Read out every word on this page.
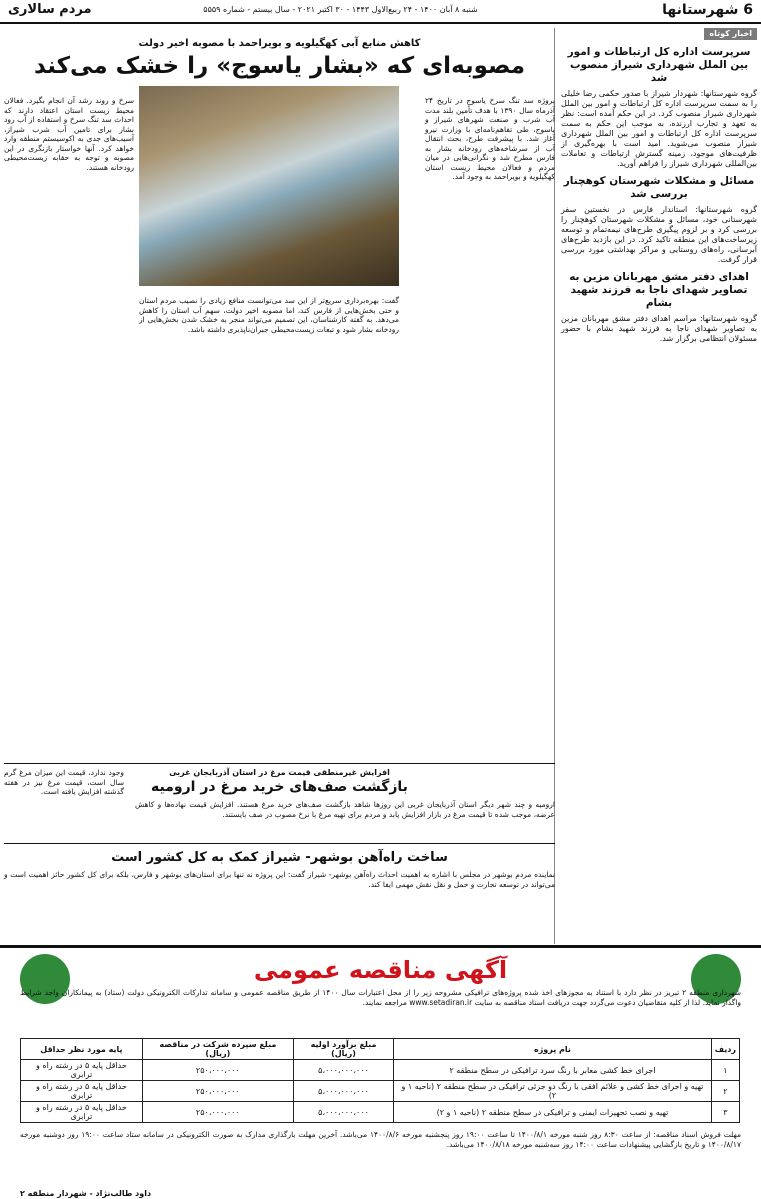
6 شهرستانها
شنبه ۸ آبان ۱۴۰۰ - ۲۴ ربیع‌الاول ۱۴۴۳ - ۳۰ اکتبر ۲۰۲۱ - سال بیستم - شماره ۵۵۵۹
مردم سالاری
اخبار کوتاه
سرپرست اداره کل ارتباطات و امور بین الملل شهرداری شیراز منصوب شد

گروه شهرستانها: شهردار شیراز با صدور حکمی رضا خلیلی را به سمت سرپرست اداره کل ارتباطات و امور بین الملل شهرداری شیراز منصوب کرد. در این حکم آمده است: نظر به تعهد و تجارب ارزنده، به موجب این حکم به سمت سرپرست اداره کل ارتباطات و امور بین الملل شهرداری شیراز منصوب می‌شوید. امید است با بهره‌گیری از ظرفیت‌های موجود، زمینه گسترش ارتباطات و تعاملات بین‌المللی شهرداری شیراز را فراهم آورید.

مسائل و مشکلات شهرستان کوهچنار بررسی شد

گروه شهرستانها: استاندار فارس در نخستین سفر شهرستانی خود، مسائل و مشکلات شهرستان کوهچنار را بررسی کرد و بر لزوم پیگیری طرح‌های نیمه‌تمام و توسعه زیرساخت‌های این منطقه تاکید کرد. در این بازدید طرح‌های آبرسانی، راه‌های روستایی و مراکز بهداشتی مورد بررسی قرار گرفت.

اهدای دفتر مشق مهربانان مزین به تصاویر شهدای ناجا به فرزند شهید بشام

گروه شهرستانها: مراسم اهدای دفتر مشق مهربانان مزین به تصاویر شهدای ناجا به فرزند شهید بشام با حضور مسئولان انتظامی برگزار شد.

کاهش منابع آبی کهگیلویه و بویراحمد با مصوبه اخیر دولت
مصوبه‌ای که «بشار یاسوج» را خشک می‌کند
پروژه سد تنگ سرخ یاسوج در تاریخ ۲۴ آذرماه سال ۱۳۹۰ با هدف تأمین بلند مدت آب شرب و صنعت شهرهای شیراز و یاسوج، طی تفاهم‌نامه‌ای با وزارت نیرو آغاز شد. با پیشرفت طرح، بحث انتقال آب از سرشاخه‌های رودخانه بشار به فارس مطرح شد و نگرانی‌هایی در میان مردم و فعالان محیط زیست استان کهگیلویه و بویراحمد به وجود آمد.
گفت: بهره‌برداری سریع‌تر از این سد می‌توانست منافع زیادی را نصیب مردم استان و حتی بخش‌هایی از فارس کند، اما مصوبه اخیر دولت، سهم آب استان را کاهش می‌دهد. به گفته کارشناسان، این تصمیم می‌تواند منجر به خشک شدن بخش‌هایی از رودخانه بشار شود و تبعات زیست‌محیطی جبران‌ناپذیری داشته باشد.
سرخ و روند رشد آن انجام بگیرد. فعالان محیط زیست استان اعتقاد دارند که احداث سد تنگ سرخ و استفاده از آب رود بشار برای تامین آب شرب شیراز، آسیب‌های جدی به اکوسیستم منطقه وارد خواهد کرد. آنها خواستار بازنگری در این مصوبه و توجه به حقابه زیست‌محیطی رودخانه هستند.
افزایش غیرمنطقی قیمت مرغ در استان آذربایجان غربی
بازگشت صف‌های خرید مرغ در ارومیه
ارومیه و چند شهر دیگر استان آذربایجان غربی این روزها شاهد بازگشت صف‌های خرید مرغ هستند. افزایش قیمت نهاده‌ها و کاهش عرضه، موجب شده تا قیمت مرغ در بازار افزایش یابد و مردم برای تهیه مرغ با نرخ مصوب در صف بایستند.
وجود ندارد، قیمت این میزان مرغ گرم سال است، قیمت مرغ نیز در هفته گذشته افزایش یافته است.
ساخت راه‌آهن بوشهر- شیراز کمک به کل کشور است
نماینده مردم بوشهر در مجلس با اشاره به اهمیت احداث راه‌آهن بوشهر- شیراز گفت: این پروژه نه تنها برای استان‌های بوشهر و فارس، بلکه برای کل کشور حائز اهمیت است و می‌تواند در توسعه تجارت و حمل و نقل نقش مهمی ایفا کند.
آگهی مناقصه عمومی
شهرداری منطقه ۲ تبریز در نظر دارد با استناد به مجوزهای اخذ شده پروژه‌های ترافیکی مشروحه زیر را از محل اعتبارات سال ۱۴۰۰ از طریق مناقصه عمومی و سامانه تدارکات الکترونیکی دولت (ستاد) به پیمانکاران واجد شرایط واگذار نماید. لذا از کلیه متقاضیان دعوت می‌گردد جهت دریافت اسناد مناقصه به سایت www.setadiran.ir مراجعه نمایند.
ردیف	نام پروژه	مبلغ برآورد اولیه (ریال)	مبلغ سپرده شرکت در مناقصه (ریال)	پایه مورد نظر حداقل
۱	اجرای خط کشی معابر با رنگ سرد ترافیکی در سطح منطقه ۲	۵،۰۰۰،۰۰۰،۰۰۰	۲۵۰،۰۰۰،۰۰۰	حداقل پایه ۵ در رشته راه و ترابری
۲	تهیه و اجرای خط کشی و علائم افقی با رنگ دو جزئی ترافیکی در سطح منطقه ۲ (ناحیه ۱ و ۲)	۵،۰۰۰،۰۰۰،۰۰۰	۲۵۰،۰۰۰،۰۰۰	حداقل پایه ۵ در رشته راه و ترابری
۳	تهیه و نصب تجهیزات ایمنی و ترافیکی در سطح منطقه ۲ (ناحیه ۱ و ۲)	۵،۰۰۰،۰۰۰،۰۰۰	۲۵۰،۰۰۰،۰۰۰	حداقل پایه ۵ در رشته راه و ترابری
مهلت فروش اسناد مناقصه: از ساعت ۸:۳۰ روز شنبه مورخه ۱۴۰۰/۸/۱ تا ساعت ۱۹:۰۰ روز پنجشنبه مورخه ۱۴۰۰/۸/۶ می‌باشد. آخرین مهلت بارگذاری مدارک به صورت الکترونیکی در سامانه ستاد ساعت ۱۹:۰۰ روز دوشنبه مورخه ۱۴۰۰/۸/۱۷ و تاریخ بازگشایی پیشنهادات ساعت ۱۴:۰۰ روز سه‌شنبه مورخه ۱۴۰۰/۸/۱۸ می‌باشد.
داود طالب‌نژاد - شهردار منطقه ۲
